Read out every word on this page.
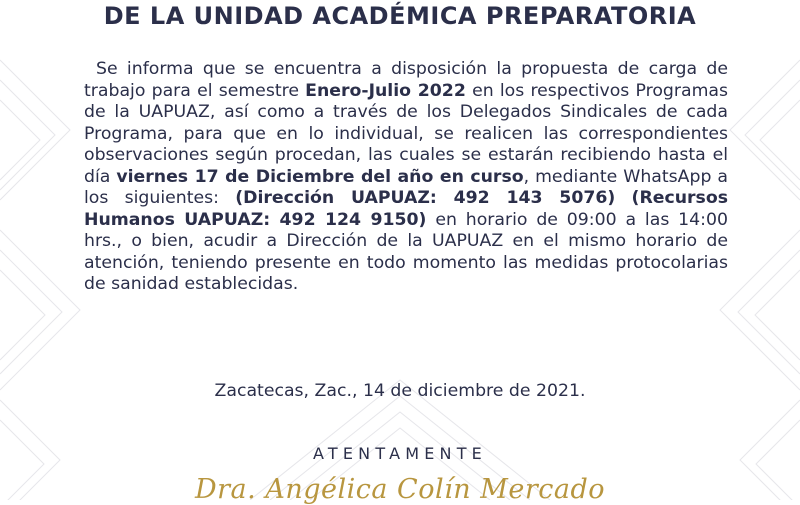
DE LA UNIDAD ACADÉMICA PREPARATORIA

Se informa que se encuentra a disposición la propuesta de carga de trabajo para el semestre Enero-Julio 2022 en los respectivos Programas de la UAPUAZ, así como a través de los Delegados Sindicales de cada Programa, para que en lo individual, se realicen las correspondientes observaciones según procedan, las cuales se estarán recibiendo hasta el día viernes 17 de Diciembre del año en curso, mediante WhatsApp a los siguientes: (Dirección UAPUAZ: 492 143 5076) (Recursos Humanos UAPUAZ: 492 124 9150) en horario de 09:00 a las 14:00 hrs., o bien, acudir a Dirección de la UAPUAZ en el mismo horario de atención, teniendo presente en todo momento las medidas protocolarias de sanidad establecidas.

Zacatecas, Zac., 14 de diciembre de 2021.
ATENTAMENTE
Dra. Angélica Colín Mercado
